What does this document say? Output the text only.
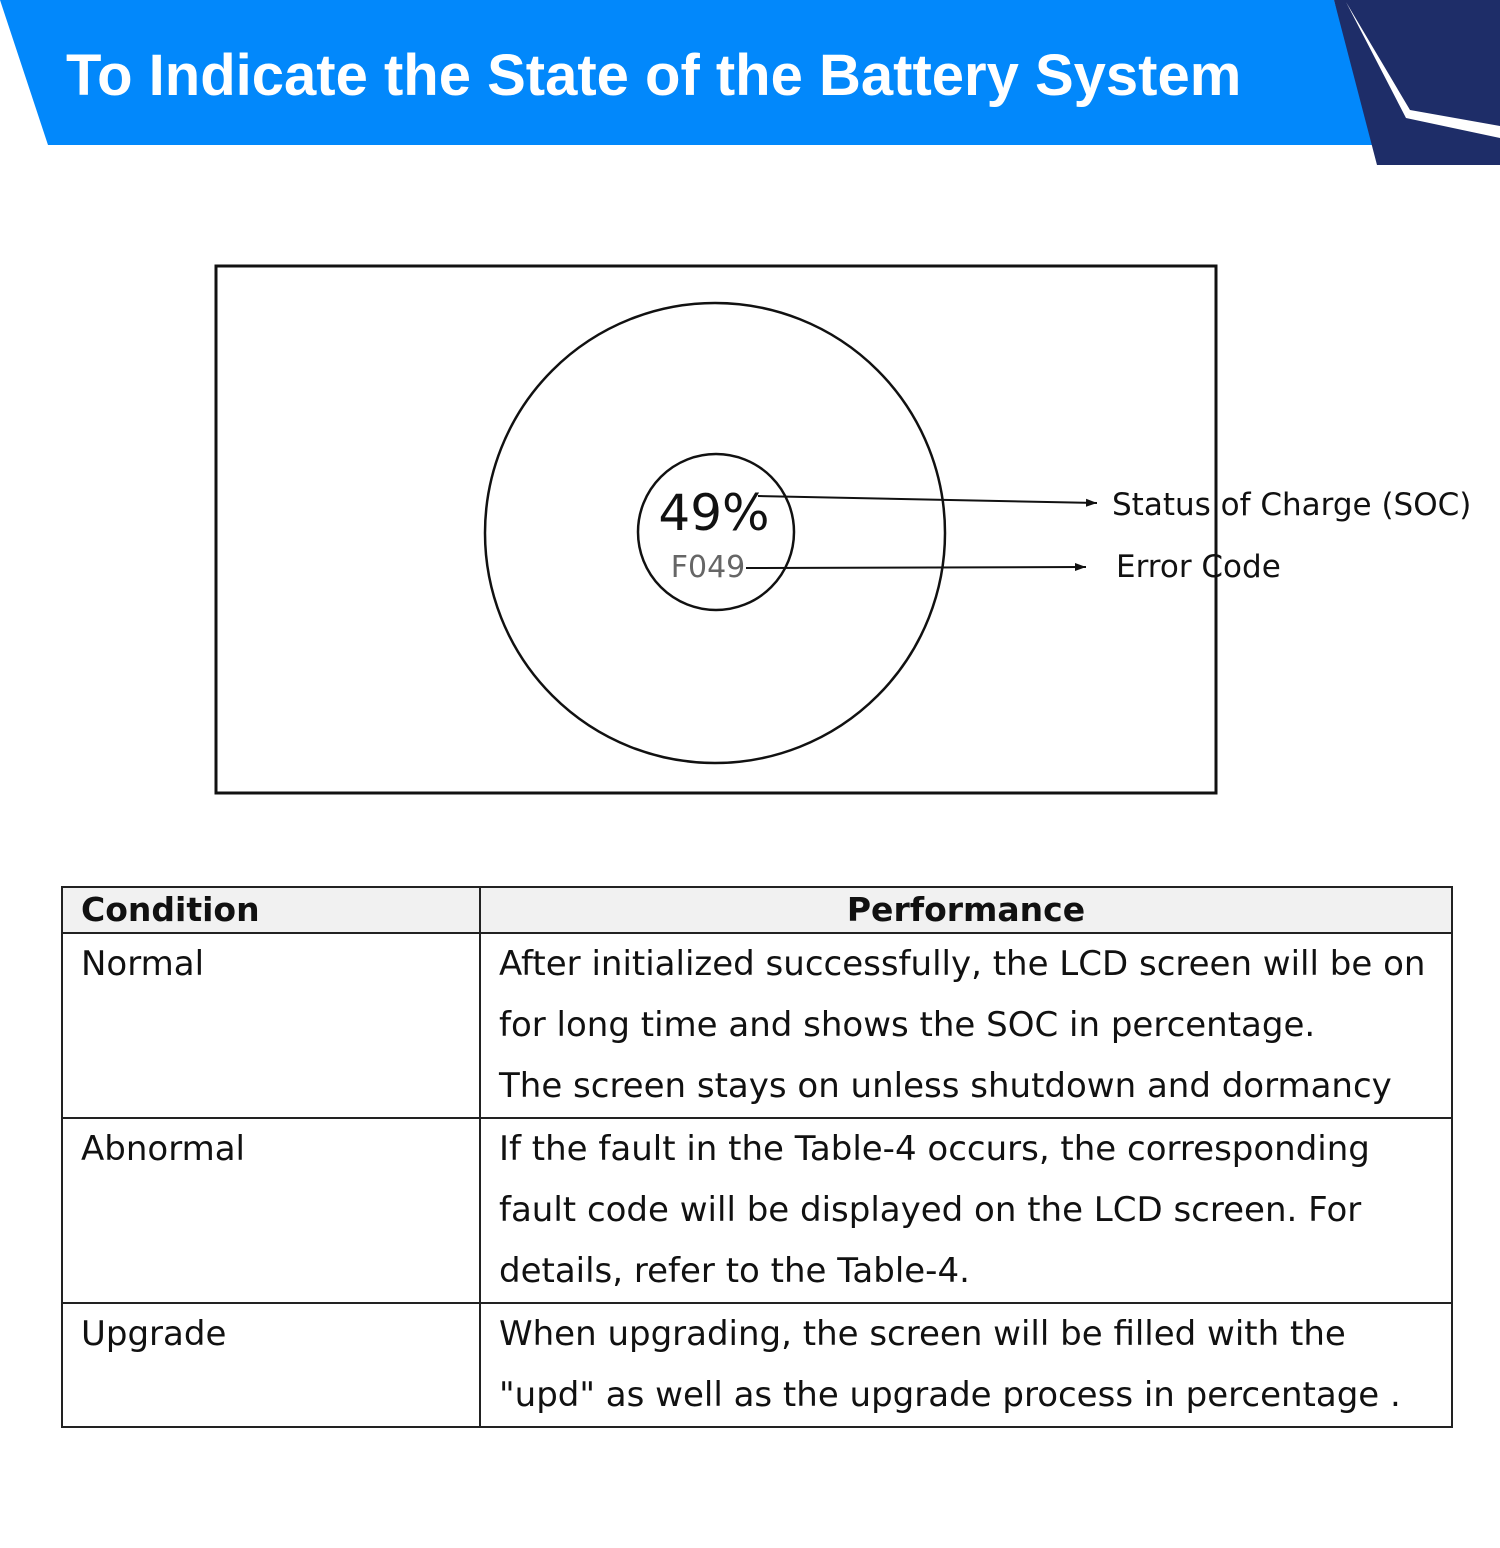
To Indicate the State of the Battery System
49%
F049
Status of Charge (SOC)
Error Code
Condition	Performance

Normal	After initialized successfully, the LCD screen will be on
for long time and shows the SOC in percentage.
The screen stays on unless shutdown and dormancy

Abnormal	If the fault in the Table-4 occurs, the corresponding
fault code will be displayed on the LCD screen. For
details, refer to the Table-4.

Upgrade	When upgrading, the screen will be filled with the
"upd" as well as the upgrade process in percentage .
